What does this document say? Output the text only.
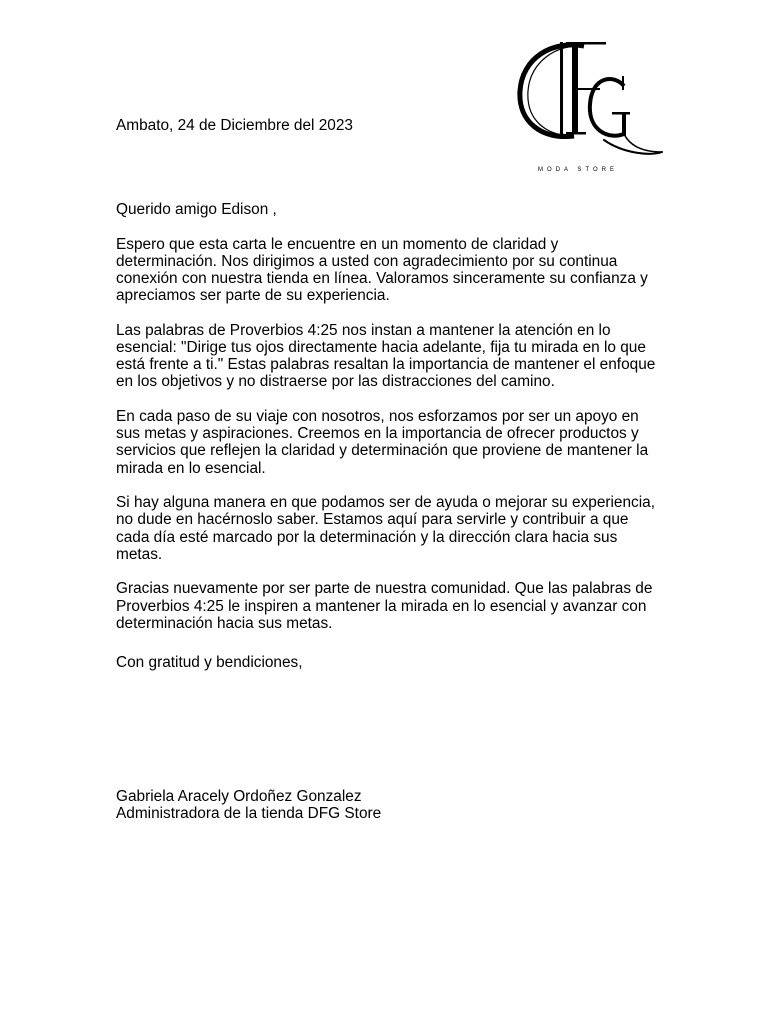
MODA STORE
Ambato, 24 de Diciembre del 2023

Querido amigo Edison ,

Espero que esta carta le encuentre en un momento de claridad y determinación. Nos dirigimos a usted con agradecimiento por su continua conexión con nuestra tienda en línea. Valoramos sinceramente su confianza y apreciamos ser parte de su experiencia.

Las palabras de Proverbios 4:25 nos instan a mantener la atención en lo esencial: "Dirige tus ojos directamente hacia adelante, fija tu mirada en lo que está frente a ti." Estas palabras resaltan la importancia de mantener el enfoque en los objetivos y no distraerse por las distracciones del camino.

En cada paso de su viaje con nosotros, nos esforzamos por ser un apoyo en sus metas y aspiraciones. Creemos en la importancia de ofrecer productos y servicios que reflejen la claridad y determinación que proviene de mantener la mirada en lo esencial.

Si hay alguna manera en que podamos ser de ayuda o mejorar su experiencia, no dude en hacérnoslo saber. Estamos aquí para servirle y contribuir a que cada día esté marcado por la determinación y la dirección clara hacia sus metas.

Gracias nuevamente por ser parte de nuestra comunidad. Que las palabras de Proverbios 4:25 le inspiren a mantener la mirada en lo esencial y avanzar con determinación hacia sus metas.

Con gratitud y bendiciones,
Gabriela Aracely Ordoñez Gonzalez
Administradora de la tienda DFG Store
